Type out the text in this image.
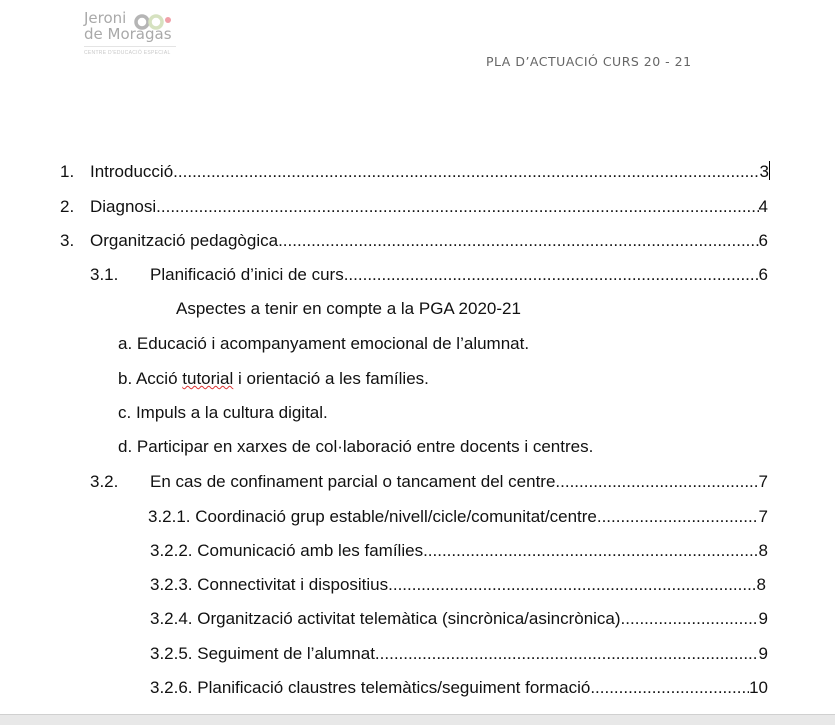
Jeroni
de Moragas
CENTRE D'EDUCACIÓ ESPECIAL
PLA D’ACTUACIÓ CURS 20 - 21
1. Introducció .....	3
2. Diagnosi .....	4
3. Organització pedagògica .....	6
3.1.	Planificació d’inici de curs .....	6
Aspectes a tenir en compte a la PGA 2020-21
a. Educació i acompanyament emocional de l’alumnat.
b. Acció tutorial i orientació a les famílies.
c. Impuls a la cultura digital.
d. Participar en xarxes de col·laboració entre docents i centres.
3.2.	En cas de confinament parcial o tancament del centre .....	7
3.2.1. Coordinació grup estable/nivell/cicle/comunitat/centre .....	7
3.2.2. Comunicació amb les famílies .....	8
3.2.3. Connectivitat i dispositius .....	8
3.2.4. Organització activitat telemàtica (sincrònica/asincrònica) .....	9
3.2.5. Seguiment de l’alumnat .....	9
3.2.6. Planificació claustres telemàtics/seguiment formació .....	10
